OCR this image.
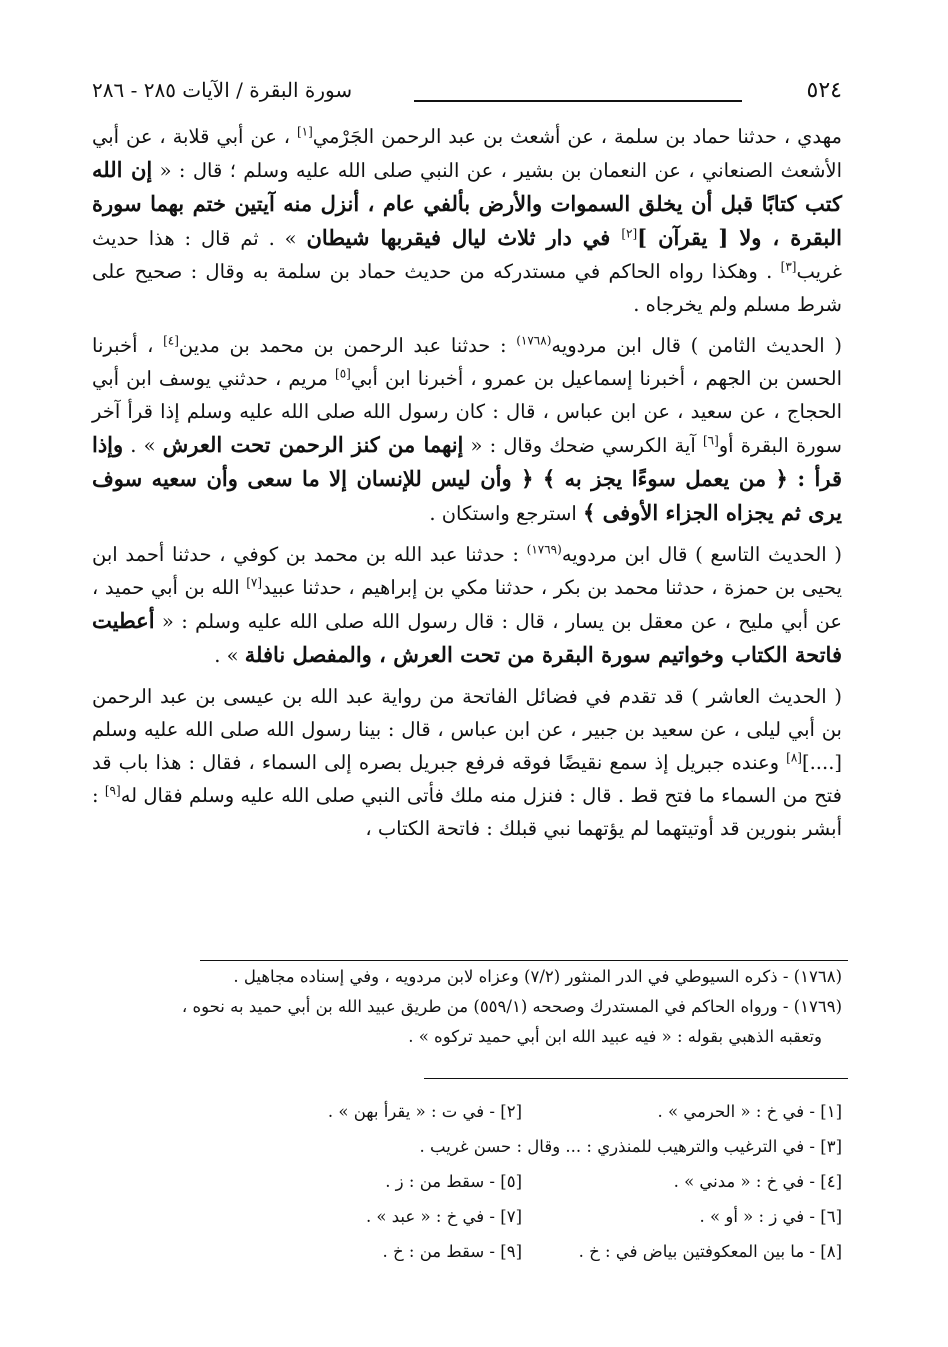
٥٢٤
سورة البقرة / الآيات ٢٨٥ - ٢٨٦

مهدي ، حدثنا حماد بن سلمة ، عن أشعث بن عبد الرحمن الجَرْمي[١] ، عن أبي قلابة ، عن أبي الأشعث الصنعاني ، عن النعمان بن بشير ، عن النبي صلى الله عليه وسلم ؛ قال : « إن الله كتب كتابًا قبل أن يخلق السموات والأرض بألفي عام ، أنزل منه آيتين ختم بهما سورة البقرة ، ولا [ يقرآن ][٢] في دار ثلاث ليال فيقربها شيطان » . ثم قال : هذا حديث غريب[٣] . وهكذا رواه الحاكم في مستدركه من حديث حماد بن سلمة به وقال : صحيح على شرط مسلم ولم يخرجاه .

( الحديث الثامن ) قال ابن مردويه$^{(١٧٦٨)}$ : حدثنا عبد الرحمن بن محمد بن مدين[٤] ، أخبرنا الحسن بن الجهم ، أخبرنا إسماعيل بن عمرو ، أخبرنا ابن أبي[٥] مريم ، حدثني يوسف ابن أبي الحجاج ، عن سعيد ، عن ابن عباس ، قال : كان رسول الله صلى الله عليه وسلم إذا قرأ آخر سورة البقرة أو[٦] آية الكرسي ضحك وقال : « إنهما من كنز الرحمن تحت العرش » . وإذا قرأ : ﴿ من يعمل سوءًا يجز به ﴾ ﴿ وأن ليس للإنسان إلا ما سعى وأن سعيه سوف يرى ثم يجزاه الجزاء الأوفى ﴾ استرجع واستكان .

( الحديث التاسع ) قال ابن مردويه$^{(١٧٦٩)}$ : حدثنا عبد الله بن محمد بن كوفي ، حدثنا أحمد ابن يحيى بن حمزة ، حدثنا محمد بن بكر ، حدثنا مكي بن إبراهيم ، حدثنا عبيد[٧] الله بن أبي حميد ، عن أبي مليح ، عن معقل بن يسار ، قال : قال رسول الله صلى الله عليه وسلم : « أعطيت فاتحة الكتاب وخواتيم سورة البقرة من تحت العرش ، والمفصل نافلة » .

( الحديث العاشر ) قد تقدم في فضائل الفاتحة من رواية عبد الله بن عيسى بن عبد الرحمن بن أبي ليلى ، عن سعيد بن جبير ، عن ابن عباس ، قال : بينا رسول الله صلى الله عليه وسلم [....][٨] وعنده جبريل إذ سمع نقيضًا فوقه فرفع جبريل بصره إلى السماء ، فقال : هذا باب قد فتح من السماء ما فتح قط . قال : فنزل منه ملك فأتى النبي صلى الله عليه وسلم فقال له[٩] : أبشر بنورين قد أوتيتهما لم يؤتهما نبي قبلك : فاتحة الكتاب ،

(١٧٦٨) - ذكره السيوطي في الدر المنثور (٧/٢) وعزاه لابن مردويه ، وفي إسناده مجاهيل .
(١٧٦٩) - ورواه الحاكم في المستدرك وصححه (٥٥٩/١) من طريق عبيد الله بن أبي حميد به نحوه ،
وتعقبه الذهبي بقوله : « فيه عبيد الله ابن أبي حميد تركوه » .
[١] - في خ : « الحرمي » .
[٢] - في ت : « يقرأ بهن » .
[٣] - في الترغيب والترهيب للمنذري : ... وقال : حسن غريب .
[٤] - في خ : « مدني » .
[٥] - سقط من : ز .
[٦] - في ز : « أو » .
[٧] - في خ : « عبد » .
[٨] - ما بين المعكوفتين بياض في : خ .
[٩] - سقط من : خ .
